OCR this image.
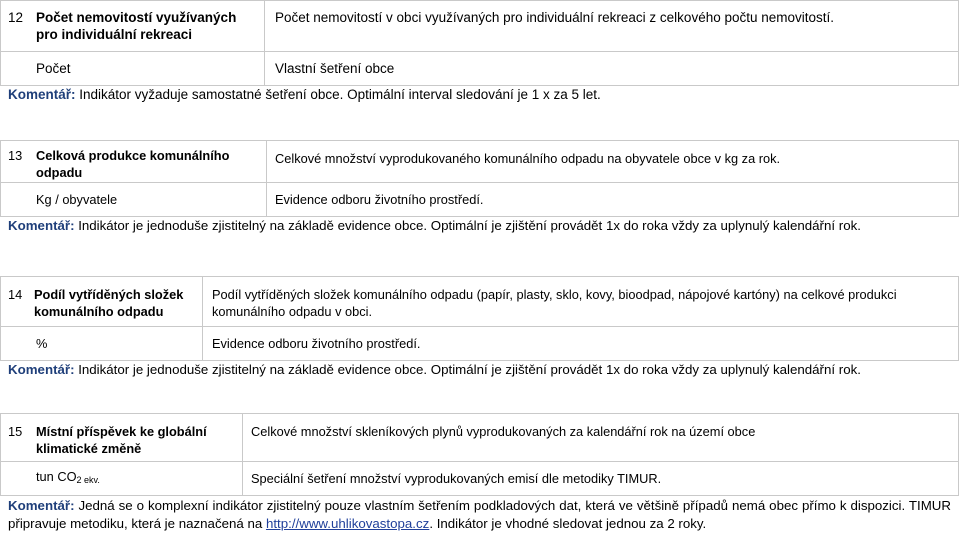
12 Počet nemovitostí využívaných pro individuální rekreaci	Počet nemovitostí v obci využívaných pro individuální rekreaci z celkového počtu nemovitostí.
Počet	Vlastní šetření obce
Komentář: Indikátor vyžaduje samostatné šetření obce. Optimální interval sledování je 1 x za 5 let.
13 Celková produkce komunálního odpadu	Celkové množství vyprodukovaného komunálního odpadu na obyvatele obce v kg za rok.
Kg / obyvatele	Evidence odboru životního prostředí.
Komentář: Indikátor je jednoduše zjistitelný na základě evidence obce. Optimální je zjištění provádět 1x do roka vždy za uplynulý kalendářní rok.
14 Podíl vytříděných složek komunálního odpadu	Podíl vytříděných složek komunálního odpadu (papír, plasty, sklo, kovy, bioodpad, nápojové kartóny) na celkové produkci komunálního odpadu v obci.
%	Evidence odboru životního prostředí.
Komentář: Indikátor je jednoduše zjistitelný na základě evidence obce. Optimální je zjištění provádět 1x do roka vždy za uplynulý kalendářní rok.
15 Místní příspěvek ke globální klimatické změně	Celkové množství skleníkových plynů vyprodukovaných za kalendářní rok na území obce
tun $CO_{2 ekv.}$	Speciální šetření množství vyprodukovaných emisí dle metodiky TIMUR.
Komentář: Jedná se o komplexní indikátor zjistitelný pouze vlastním šetřením podkladových dat, která ve většině případů nemá obec přímo k dispozici. TIMUR připravuje metodiku, která je naznačená na http://www.uhlikovastopa.cz. Indikátor je vhodné sledovat jednou za 2 roky.
